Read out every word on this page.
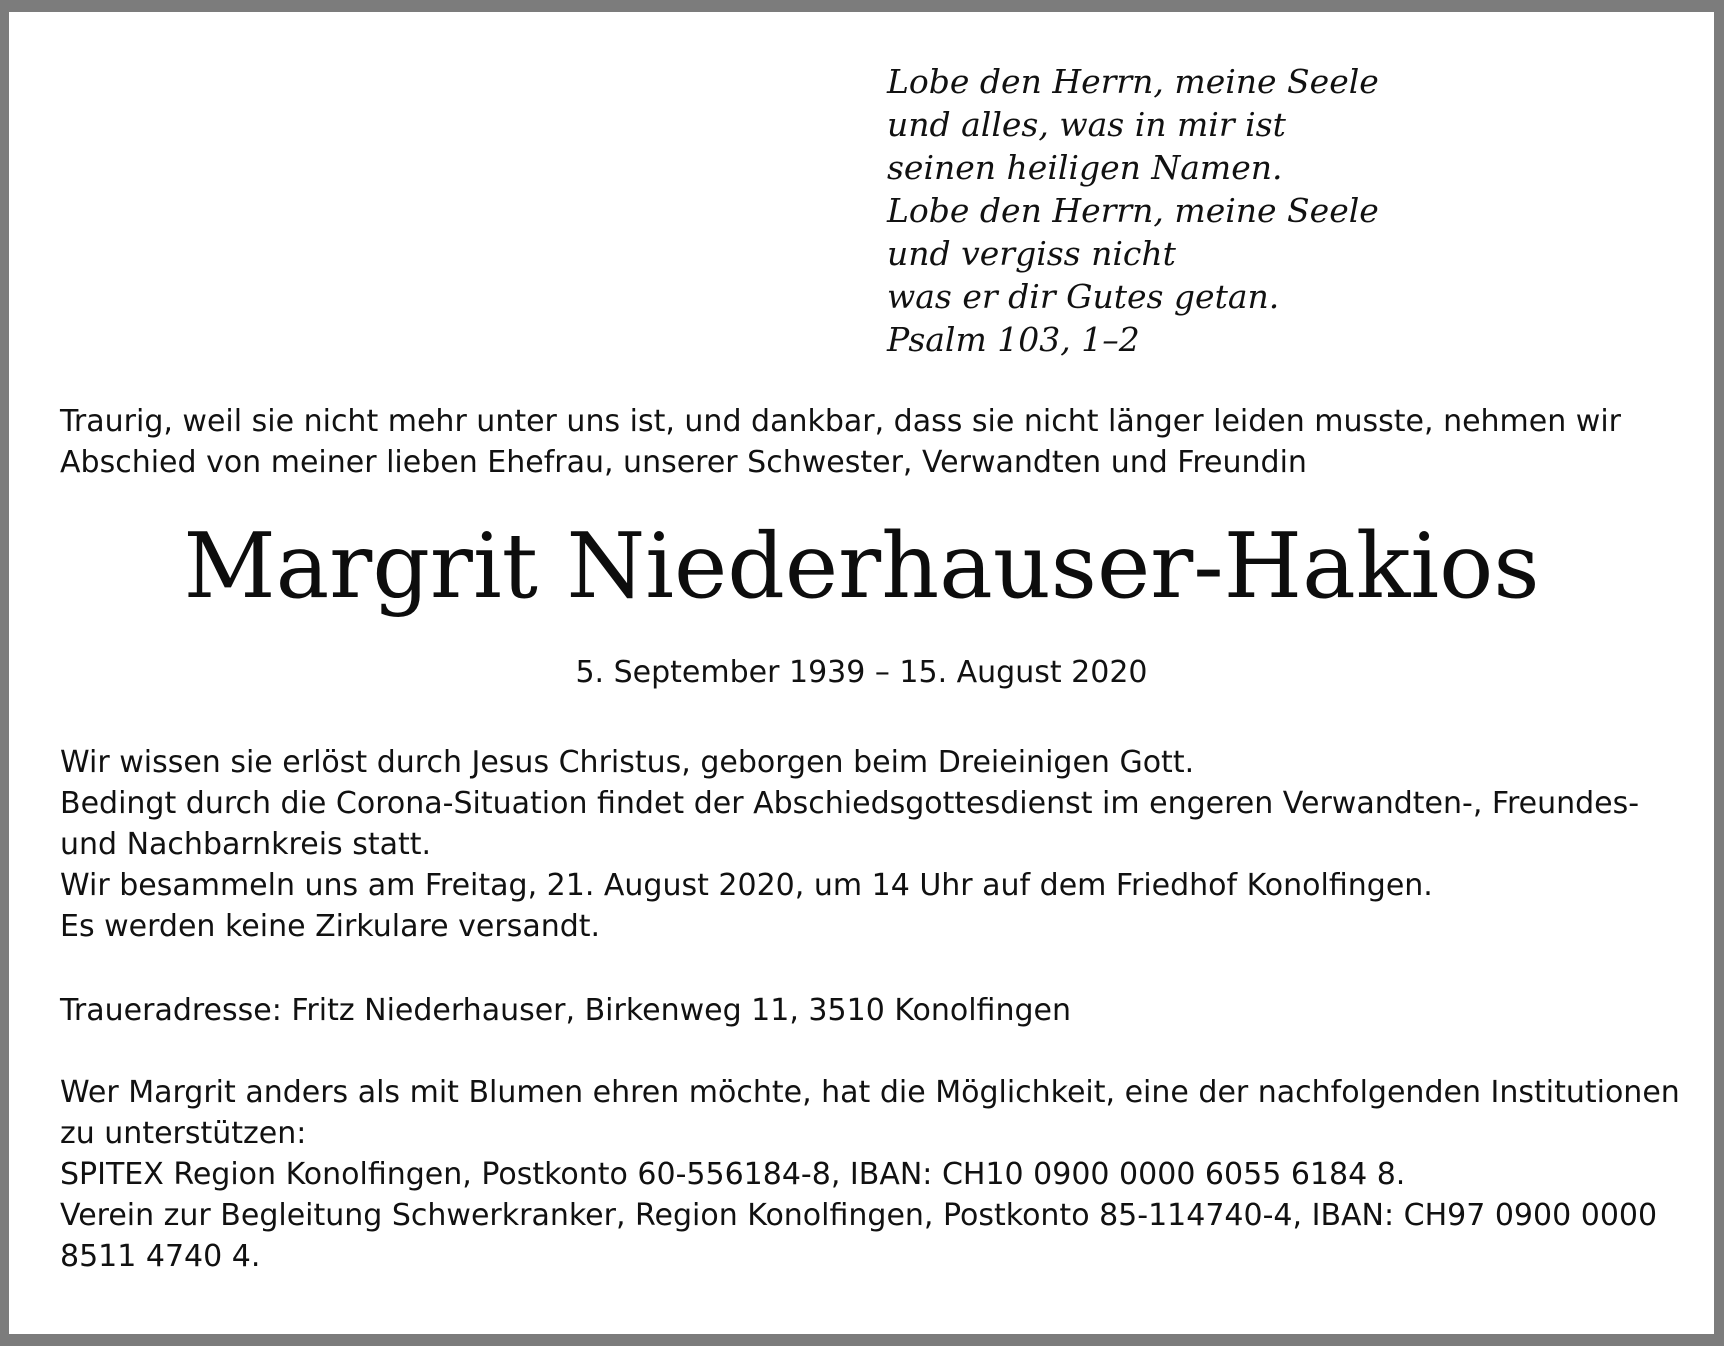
Lobe den Herrn, meine Seele
und alles, was in mir ist
seinen heiligen Namen.
Lobe den Herrn, meine Seele
und vergiss nicht
was er dir Gutes getan.
Psalm 103, 1–2
Traurig, weil sie nicht mehr unter uns ist, und dankbar, dass sie nicht länger leiden musste, nehmen wir Abschied von meiner lieben Ehefrau, unserer Schwester, Verwandten und Freundin
Margrit Niederhauser-Hakios
5. September 1939 – 15. August 2020
Wir wissen sie erlöst durch Jesus Christus, geborgen beim Dreieinigen Gott.
Bedingt durch die Corona-Situation findet der Abschiedsgottesdienst im engeren Verwandten-, Freundes- und Nachbarnkreis statt.
Wir besammeln uns am Freitag, 21. August 2020, um 14 Uhr auf dem Friedhof Konolfingen.
Es werden keine Zirkulare versandt.
Traueradresse: Fritz Niederhauser, Birkenweg 11, 3510 Konolfingen
Wer Margrit anders als mit Blumen ehren möchte, hat die Möglichkeit, eine der nachfolgenden Institutionen zu unterstützen:
SPITEX Region Konolfingen, Postkonto 60-556184-8, IBAN: CH10 0900 0000 6055 6184 8.
Verein zur Begleitung Schwerkranker, Region Konolfingen, Postkonto 85-114740-4, IBAN: CH97 0900 0000 8511 4740 4.
